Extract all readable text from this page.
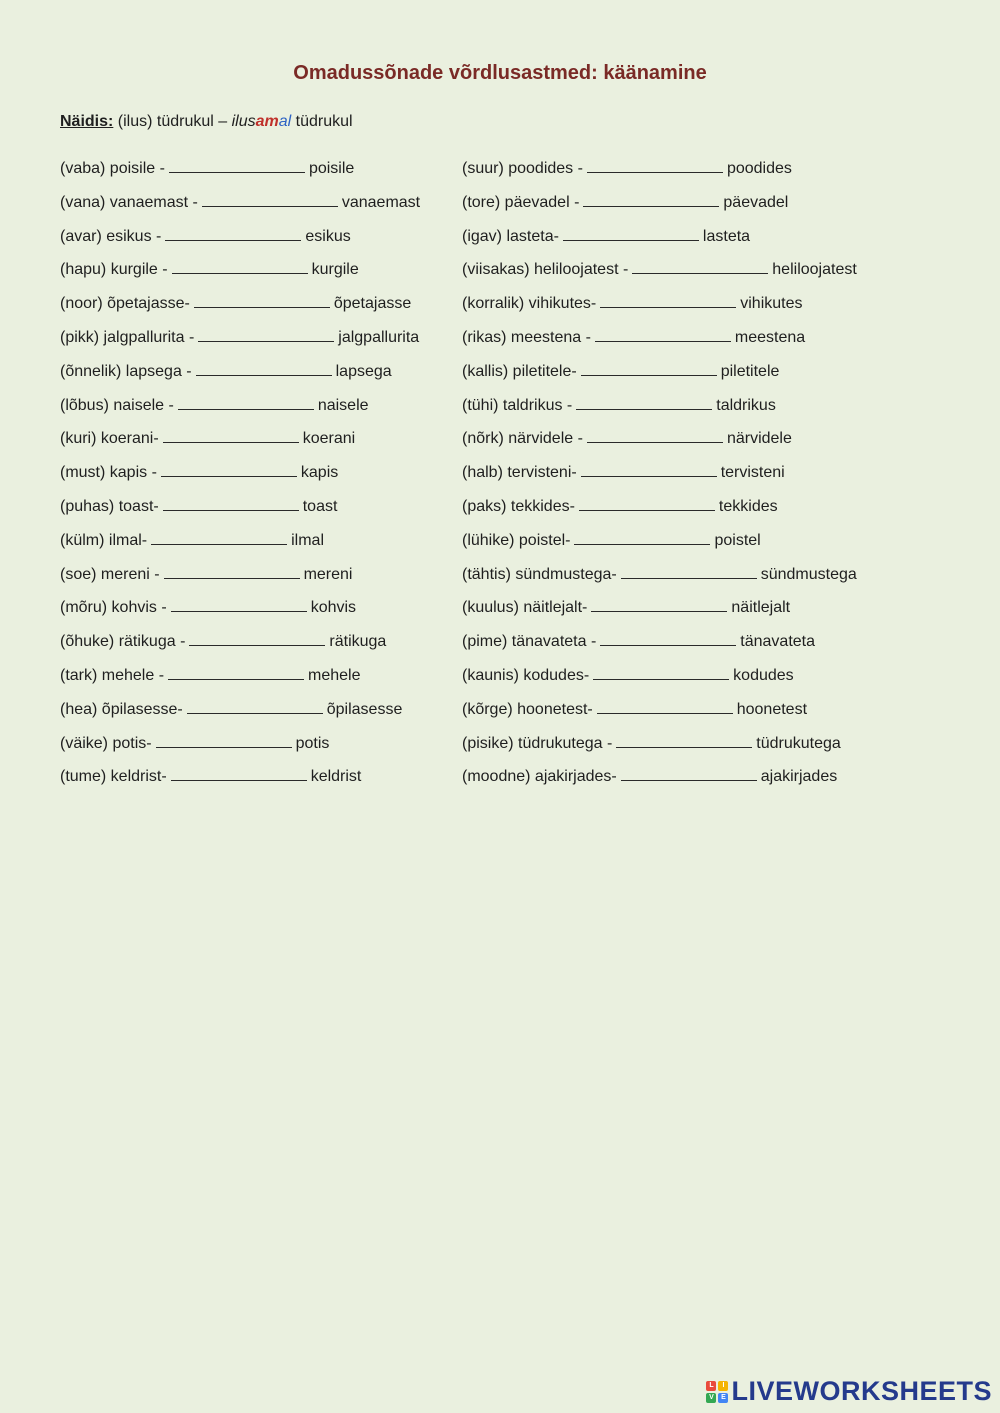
Omadussõnade võrdlusastmed: käänamine
Näidis: (ilus) tüdrukul – ilusamal tüdrukul
(vaba) poisile -	poisile
(vana) vanaemast -	vanaemast
(avar) esikus -	esikus
(hapu) kurgile -	kurgile
(noor) õpetajasse-	õpetajasse
(pikk) jalgpallurita -	jalgpallurita
(õnnelik) lapsega -	lapsega
(lõbus) naisele -	naisele
(kuri) koerani-	koerani
(must) kapis -	kapis
(puhas) toast-	toast
(külm) ilmal-	ilmal
(soe) mereni -	mereni
(mõru) kohvis -	kohvis
(õhuke) rätikuga -	rätikuga
(tark) mehele -	mehele
(hea) õpilasesse-	õpilasesse
(väike) potis-	potis
(tume) keldrist-	keldrist
(suur) poodides -	poodides
(tore) päevadel -	päevadel
(igav) lasteta-	lasteta
(viisakas) heliloojatest -	heliloojatest
(korralik) vihikutes-	vihikutes
(rikas) meestena -	meestena
(kallis) piletitele-	piletitele
(tühi) taldrikus -	taldrikus
(nõrk) närvidele -	närvidele
(halb) tervisteni-	tervisteni
(paks) tekkides-	tekkides
(lühike) poistel-	poistel
(tähtis) sündmustega-	sündmustega
(kuulus) näitlejalt-	näitlejalt
(pime) tänavateta -	tänavateta
(kaunis) kodudes-	kodudes
(kõrge) hoonetest-	hoonetest
(pisike) tüdrukutega -	tüdrukutega
(moodne) ajakirjades-	ajakirjades
L	I
V	E LIVEWORKSHEETS
